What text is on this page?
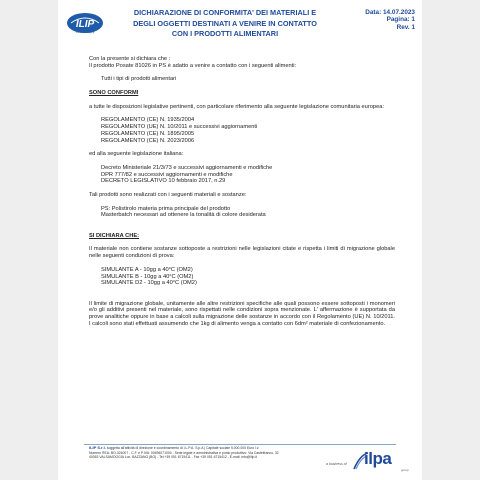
ILIP
Fresh packaging
DICHIARAZIONE DI CONFORMITA' DEI MATERIALI E
DEGLI OGGETTI DESTINATI A VENIRE IN CONTATTO
CON I PRODOTTI ALIMENTARI
Data: 14.07.2023
Pagina: 1
Rev. 1

Con la presente si dichiara che :

Il prodotto Posate 81026 in PS è adatto a venire a contatto con i seguenti alimenti:

Tutti i tipi di prodotti alimentari

SONO CONFORMI

a tutte le disposizioni legislative pertinenti, con particolare riferimento alla seguente legislazione comunitaria europea:

REGOLAMENTO (CE) N. 1935/2004

REGOLAMENTO (UE) N. 10/2011 e successivi aggiornamenti

REGOLAMENTO (CE) N. 1895/2005

REGOLAMENTO (CE) N. 2023/2006

ed alla seguente legislazione italiana:

Decreto Ministeriale 21/3/73 e successivi aggiornamenti e modifiche

DPR 777/82 e successivi aggiornamenti e modifiche

DECRETO LEGISLATIVO 10 febbraio 2017, n.29

Tali prodotti sono realizzati con i seguenti materiali e sostanze:

PS: Polistirolo materia prima principale del prodotto

Masterbatch necessari ad ottenere la tonalità di colore desiderata

SI DICHIARA CHE:

Il materiale non contiene sostanze sottoposte a restrizioni nelle legislazioni citate e rispetta i limiti di migrazione globale nelle seguenti condizioni di prova:

SIMULANTE A - 10gg a 40°C (OM2)

SIMULANTE B - 10gg a 40°C (OM2)

SIMULANTE D2 - 10gg a 40°C (OM2)

Il limite di migrazione globale, unitamente alle altre restrizioni specifiche alle quali possono essere sottoposti i monomeri e/o gli additivi presenti nel materiale, sono rispettati nelle condizioni sopra menzionate. L' affermazione è supportata da prove analitiche oppure in base a calcoli sulla migrazione delle sostanze in accordo con il Regolamento (UE) N. 10/2011. I calcoli sono stati effettuati assumendo che 1kg di alimento venga a contatto con 6dm² materiale di confezionamento.

ILIP S.r.l. soggetta all'attività di direzione e coordinamento di I.L.P.A. S.p.A | Capitale sociale 5.000.000 Euro i.v.
Numero REA: BO-324007 - C.F. e P.IVA: 00496071000 - Sede legale e amministrativa e punto produttivo: Via Castelfranco, 32
40053 VALSAMOGGIA Loc. BAZZANO (BO) - Tel.+39 051 6715411 - Fax +39 051 6715412 - E-mail: info@ilip.it
a business of ilpa
group
